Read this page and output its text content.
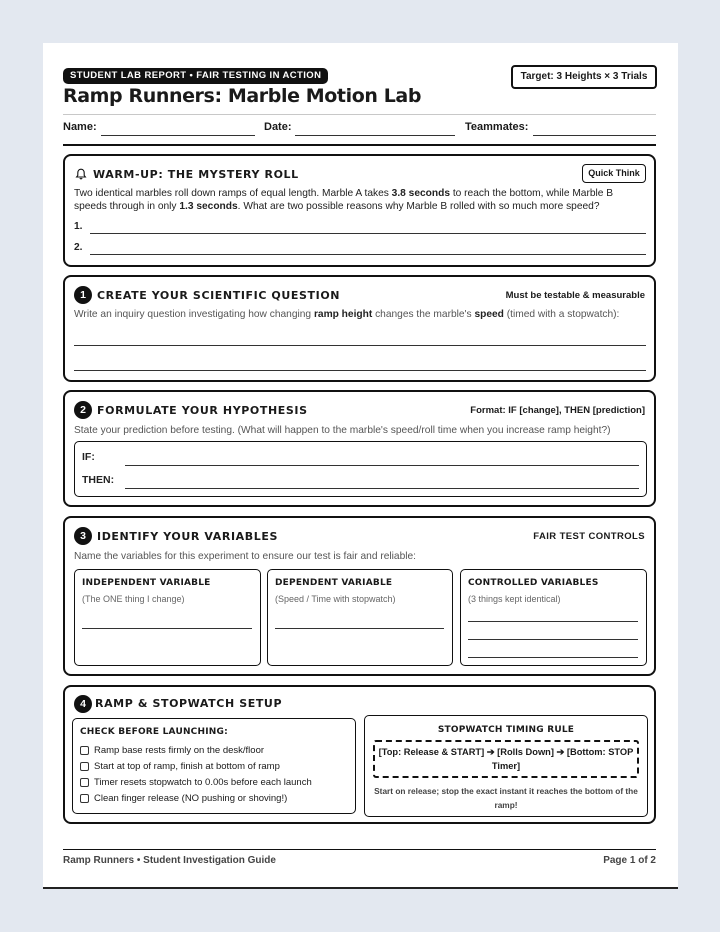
STUDENT LAB REPORT • FAIR TESTING IN ACTION	Target: 3 Heights × 3 Trials
Ramp Runners: Marble Motion Lab
Name:	Date:	Teammates:
WARM-UP: THE MYSTERY ROLL	Quick Think
Two identical marbles roll down ramps of equal length. Marble A takes 3.8 seconds to reach the bottom, while Marble B
speeds through in only 1.3 seconds. What are two possible reasons why Marble B rolled with so much more speed?
1.
2.
1	CREATE YOUR SCIENTIFIC QUESTION	Must be testable & measurable
Write an inquiry question investigating how changing ramp height changes the marble's speed (timed with a stopwatch):
2	FORMULATE YOUR HYPOTHESIS	Format: IF [change], THEN [prediction]
State your prediction before testing. (What will happen to the marble's speed/roll time when you increase ramp height?)
IF:
THEN:
3	IDENTIFY YOUR VARIABLES	FAIR TEST CONTROLS
Name the variables for this experiment to ensure our test is fair and reliable:
INDEPENDENT VARIABLE
(The ONE thing I change)
DEPENDENT VARIABLE
(Speed / Time with stopwatch)
CONTROLLED VARIABLES
(3 things kept identical)
4 RAMP & STOPWATCH SETUP
CHECK BEFORE LAUNCHING:
Ramp base rests firmly on the desk/floor
Start at top of ramp, finish at bottom of ramp
Timer resets stopwatch to 0.00s before each launch
Clean finger release (NO pushing or shoving!)
STOPWATCH TIMING RULE
[Top: Release & START] ➔ [Rolls Down] ➔ [Bottom: STOP
Timer]
Start on release; stop the exact instant it reaches the bottom of the
ramp!
Ramp Runners • Student Investigation Guide	Page 1 of 2
